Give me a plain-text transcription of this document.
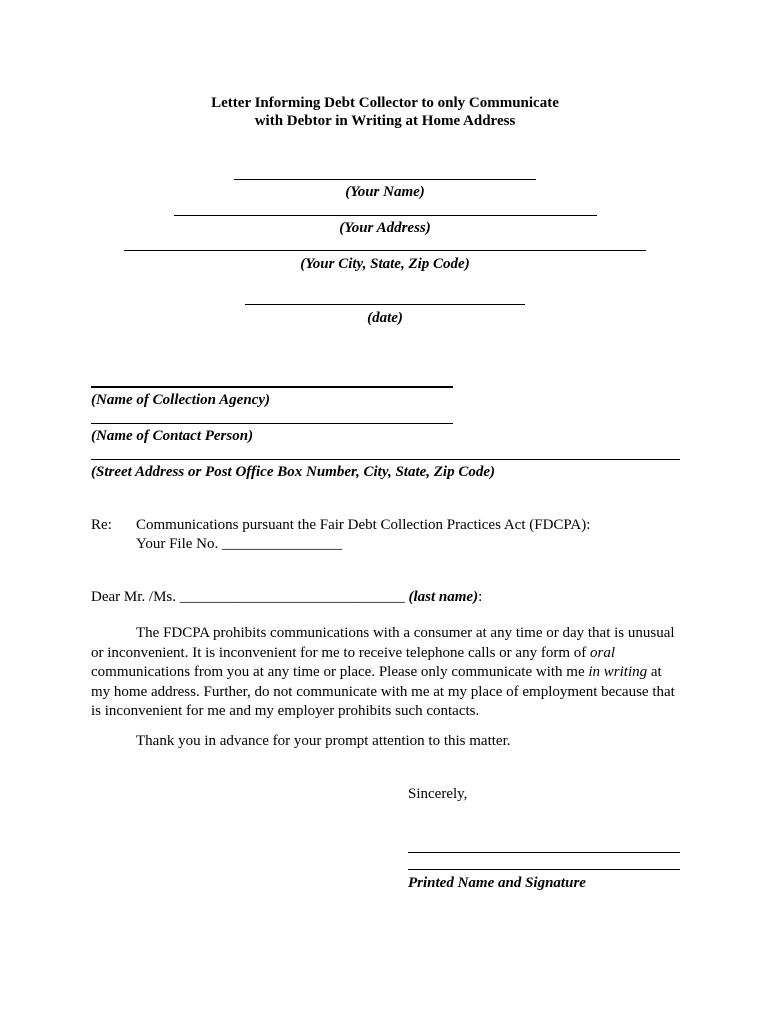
Letter Informing Debt Collector to only Communicate
with Debtor in Writing at Home Address
(Your Name)
(Your Address)
(Your City, State, Zip Code)
(date)
(Name of Collection Agency)
(Name of Contact Person)
(Street Address or Post Office Box Number, City, State, Zip Code)
Re: Communications pursuant the Fair Debt Collection Practices Act (FDCPA):
Your File No. ________________
Dear Mr. /Ms. ______________________________ (last name):
The FDCPA prohibits communications with a consumer at any time or day that is unusual or inconvenient. It is inconvenient for me to receive telephone calls or any form of oral communications from you at any time or place. Please only communicate with me in writing at my home address. Further, do not communicate with me at my place of employment because that is inconvenient for me and my employer prohibits such contacts.
Thank you in advance for your prompt attention to this matter.
Sincerely,
Printed Name and Signature
